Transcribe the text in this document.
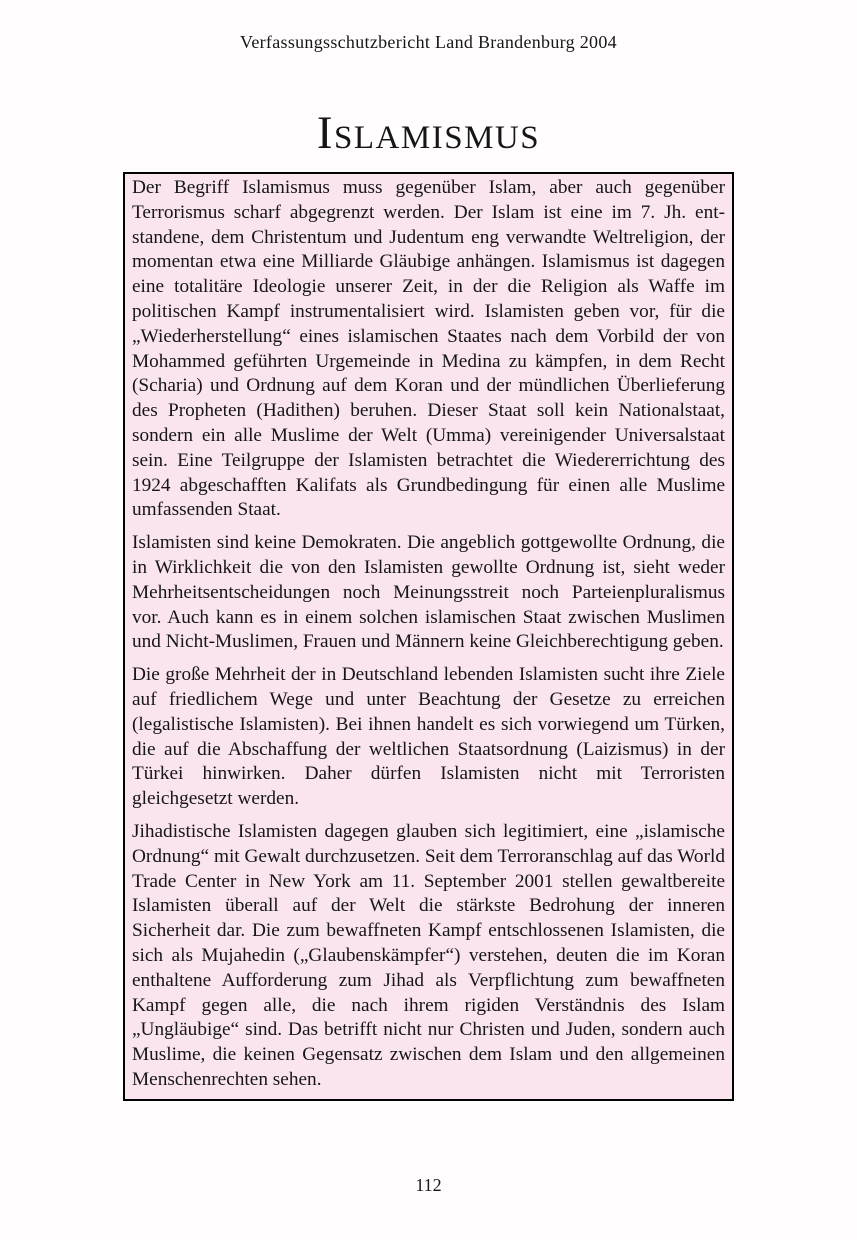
Verfassungsschutzbericht Land Brandenburg 2004
Islamismus

Der Begriff Islamismus muss gegenüber Islam, aber auch gegenüber Terrorismus scharf abgegrenzt werden. Der Islam ist eine im 7. Jh. entstandene, dem Christentum und Judentum eng verwandte Weltreligion, der momentan etwa eine Milliarde Gläubige anhängen. Islamismus ist dagegen eine totalitäre Ideologie unserer Zeit, in der die Religion als Waffe im politischen Kampf instrumentalisiert wird. Islamisten geben vor, für die „Wiederherstellung“ eines islamischen Staates nach dem Vorbild der von Mohammed geführten Urgemeinde in Medina zu kämpfen, in dem Recht (Scharia) und Ordnung auf dem Koran und der mündlichen Überlieferung des Propheten (Hadithen) beruhen. Dieser Staat soll kein Nationalstaat, sondern ein alle Muslime der Welt (Umma) vereinigender Universalstaat sein. Eine Teilgruppe der Islamisten betrachtet die Wiedererrichtung des 1924 abgeschafften Kalifats als Grundbedingung für einen alle Muslime umfassenden Staat.

Islamisten sind keine Demokraten. Die angeblich gottgewollte Ordnung, die in Wirklichkeit die von den Islamisten gewollte Ordnung ist, sieht weder Mehrheitsentscheidungen noch Meinungsstreit noch Parteienpluralismus vor. Auch kann es in einem solchen islamischen Staat zwischen Muslimen und Nicht-Muslimen, Frauen und Männern keine Gleichberechtigung geben.

Die große Mehrheit der in Deutschland lebenden Islamisten sucht ihre Ziele auf friedlichem Wege und unter Beachtung der Gesetze zu erreichen (legalistische Islamisten). Bei ihnen handelt es sich vorwiegend um Türken, die auf die Abschaffung der weltlichen Staatsordnung (Laizismus) in der Türkei hinwirken. Daher dürfen Islamisten nicht mit Terroristen gleichgesetzt werden.

Jihadistische Islamisten dagegen glauben sich legitimiert, eine „islamische Ordnung“ mit Gewalt durchzusetzen. Seit dem Terroranschlag auf das World Trade Center in New York am 11. September 2001 stellen gewaltbereite Islamisten überall auf der Welt die stärkste Bedrohung der inneren Sicherheit dar. Die zum bewaffneten Kampf entschlossenen Islamisten, die sich als Mujahedin („Glaubenskämpfer“) verstehen, deuten die im Koran enthaltene Aufforderung zum Jihad als Verpflichtung zum bewaffneten Kampf gegen alle, die nach ihrem rigiden Verständnis des Islam „Ungläubige“ sind. Das betrifft nicht nur Christen und Juden, sondern auch Muslime, die keinen Gegensatz zwischen dem Islam und den allgemeinen Menschenrechten sehen.

112
